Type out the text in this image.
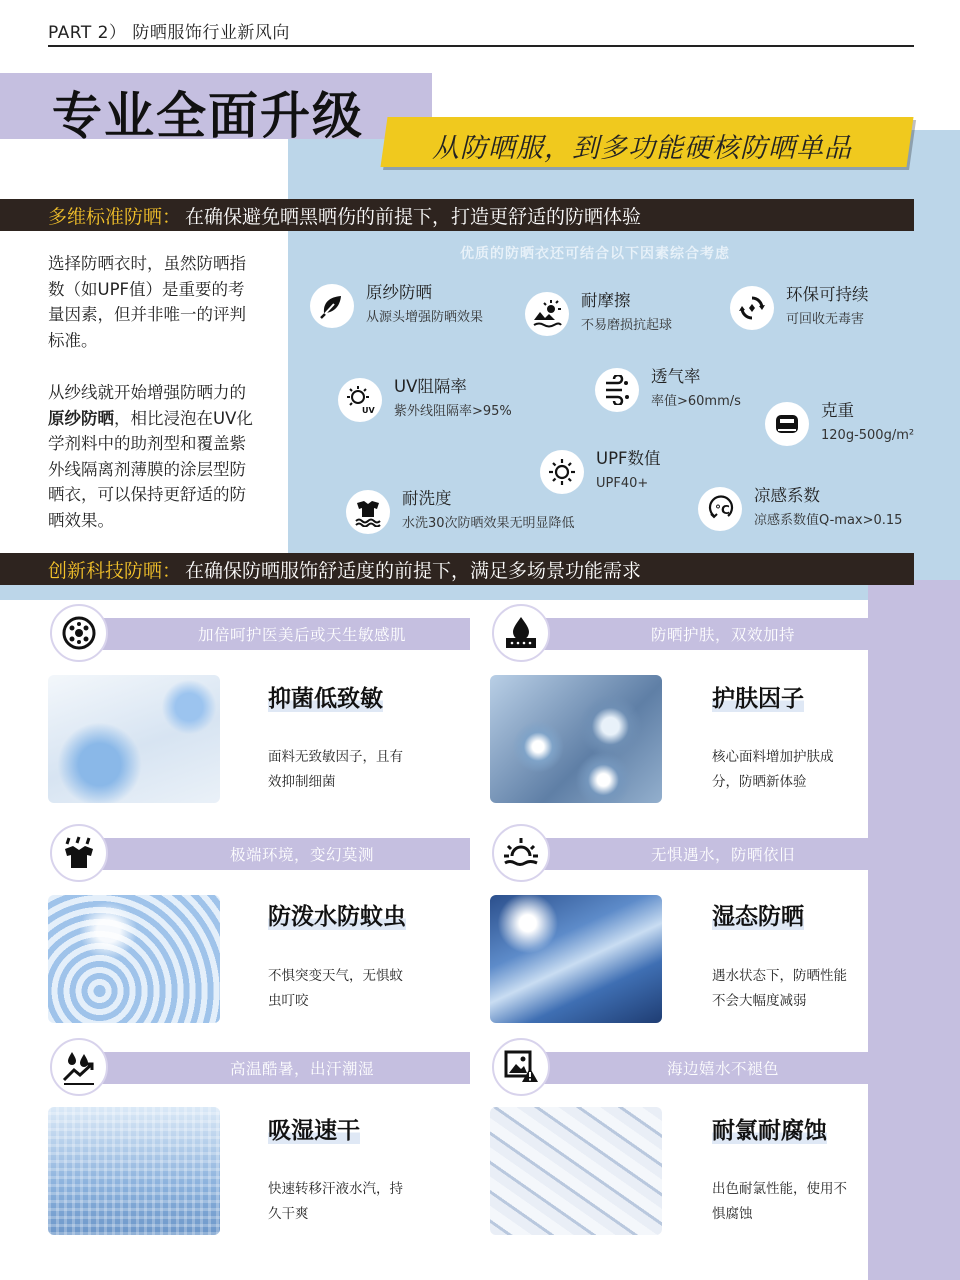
PART 2） 防晒服饰行业新风向
专业全面升级
从防晒服，到多功能硬核防晒单品
多维标准防晒： 在确保避免晒黑晒伤的前提下，打造更舒适的防晒体验
选择防晒衣时，虽然防晒指数（如UPF值）是重要的考量因素，但并非唯一的评判标准。
从纱线就开始增强防晒力的原纱防晒，相比浸泡在UV化学剂料中的助剂型和覆盖紫外线隔离剂薄膜的涂层型防晒衣，可以保持更舒适的防晒效果。
优质的防晒衣还可结合以下因素综合考虑
原纱防晒
从源头增强防晒效果
耐摩擦
不易磨损抗起球
环保可持续
可回收无毒害
UV
UV阻隔率
紫外线阻隔率>95%
透气率
率值>60mm/s	克重
120g-500g/m²
UPF数值
UPF40+
耐洗度
水洗30次防晒效果无明显降低
°C
凉感系数
凉感系数值Q-max>0.15
创新科技防晒： 在确保防晒服饰舒适度的前提下，满足多场景功能需求
加倍呵护医美后或天生敏感肌
抑菌低致敏
面料无致敏因子，且有效抑制细菌
防晒护肤，双效加持
护肤因子
核心面料增加护肤成分，防晒新体验
极端环境，变幻莫测
防泼水防蚊虫
不惧突变天气，无惧蚊虫叮咬
无惧遇水，防晒依旧
湿态防晒
遇水状态下，防晒性能不会大幅度减弱
高温酷暑，出汗潮湿
吸湿速干
快速转移汗液水汽，持久干爽
海边嬉水不褪色
耐氯耐腐蚀
出色耐氯性能，使用不惧腐蚀
